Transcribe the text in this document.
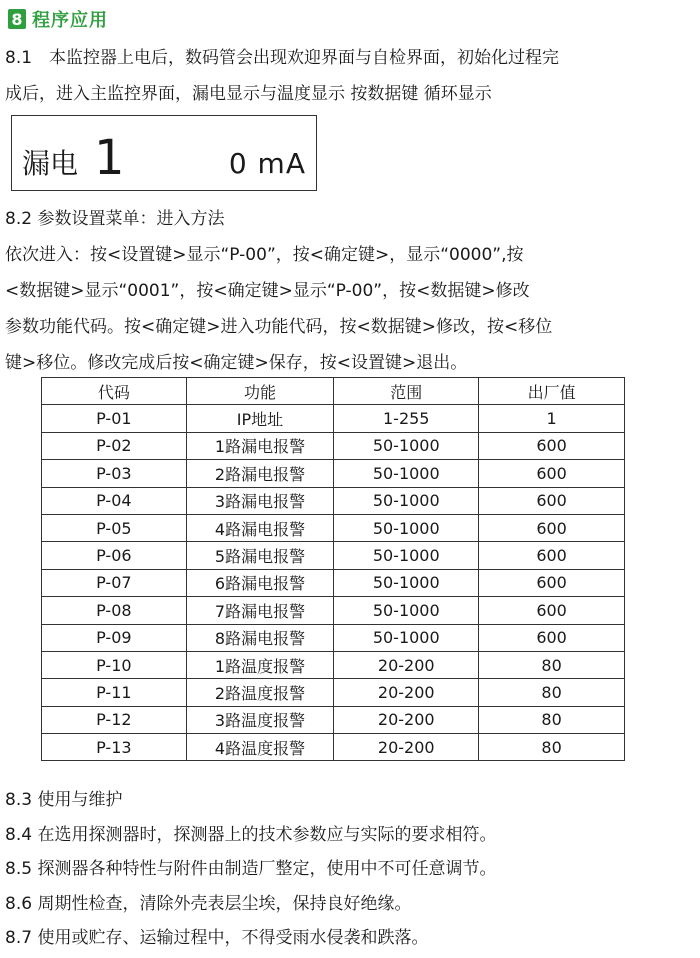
8 程序应用
8.1　本监控器上电后，数码管会出现欢迎界面与自检界面，初始化过程完
成后，进入主监控界面，漏电显示与温度显示 按数据键 循环显示
漏电 1	0 mA
8.2 参数设置菜单：进入方法
依次进入：按<设置键>显示“P-00”，按<确定键>，显示“0000”,按
<数据键>显示“0001”，按<确定键>显示“P-00”，按<数据键>修改
参数功能代码。按<确定键>进入功能代码，按<数据键>修改，按<移位
键>移位。修改完成后按<确定键>保存，按<设置键>退出。
代码	功能	范围	出厂值
P-01	IP地址	1-255	1
P-02	1路漏电报警	50-1000	600
P-03	2路漏电报警	50-1000	600
P-04	3路漏电报警	50-1000	600
P-05	4路漏电报警	50-1000	600
P-06	5路漏电报警	50-1000	600
P-07	6路漏电报警	50-1000	600
P-08	7路漏电报警	50-1000	600
P-09	8路漏电报警	50-1000	600
P-10	1路温度报警	20-200	80
P-11	2路温度报警	20-200	80
P-12	3路温度报警	20-200	80
P-13	4路温度报警	20-200	80
8.3 使用与维护
8.4 在选用探测器时，探测器上的技术参数应与实际的要求相符。
8.5 探测器各种特性与附件由制造厂整定，使用中不可任意调节。
8.6 周期性检查，清除外壳表层尘埃，保持良好绝缘。
8.7 使用或贮存、运输过程中，不得受雨水侵袭和跌落。
